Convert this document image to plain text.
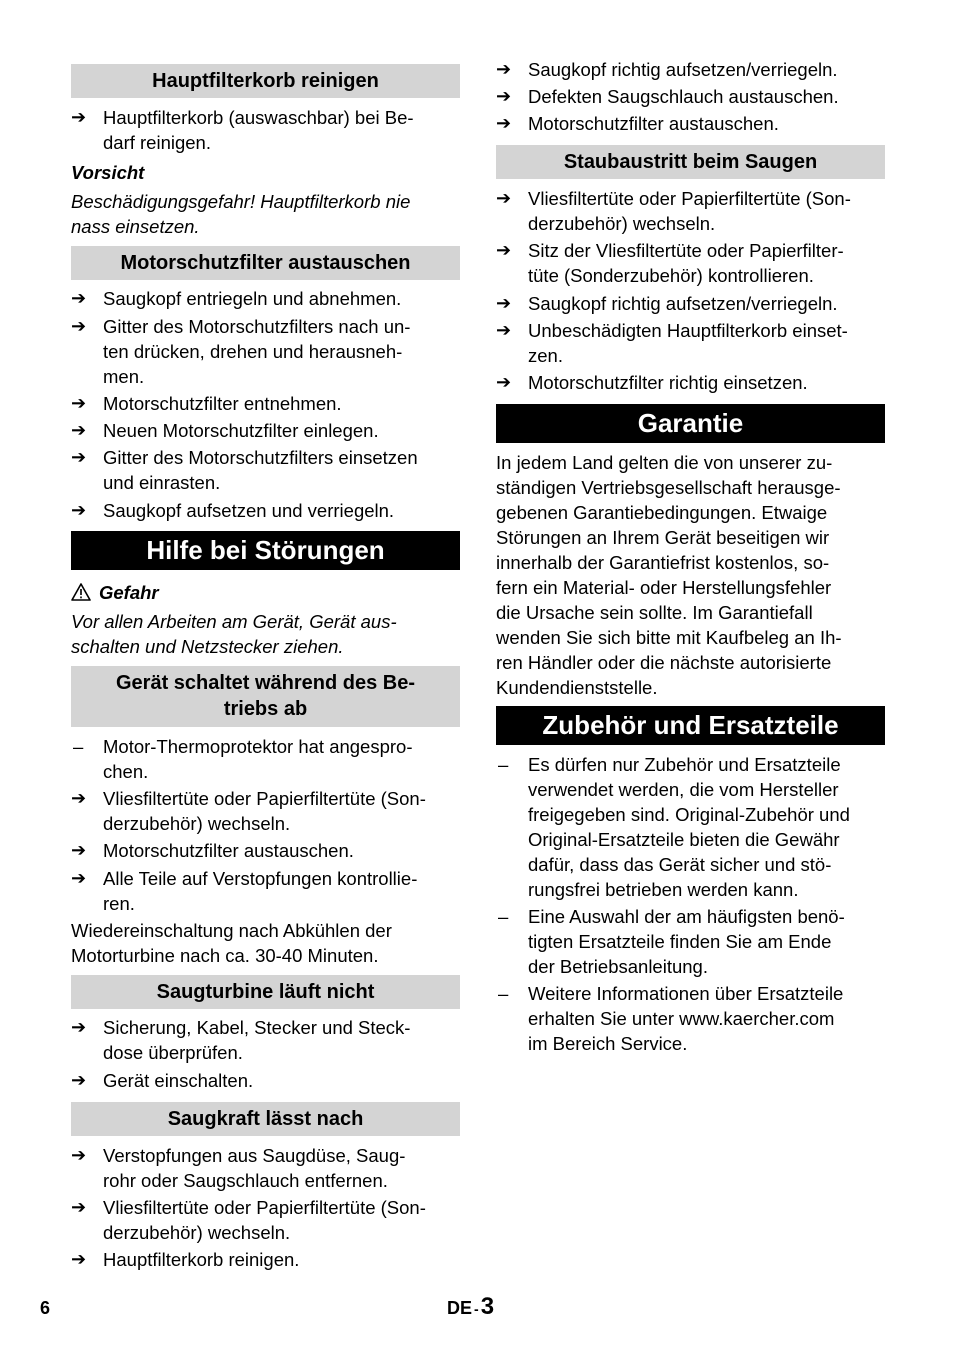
Hauptfilterkorb reinigen
➔ Hauptfilterkorb (auswaschbar) bei Be-
darf reinigen.
Vorsicht
Beschädigungsgefahr! Hauptfilterkorb nie
nass einsetzen.
Motorschutzfilter austauschen
➔ Saugkopf entriegeln und abnehmen.
➔ Gitter des Motorschutzfilters nach un-
ten drücken, drehen und herausneh-
men.
➔ Motorschutzfilter entnehmen.
➔ Neuen Motorschutzfilter einlegen.
➔ Gitter des Motorschutzfilters einsetzen
und einrasten.
➔ Saugkopf aufsetzen und verriegeln.
Hilfe bei Störungen
Gefahr
Vor allen Arbeiten am Gerät, Gerät aus-
schalten und Netzstecker ziehen.
Gerät schaltet während des Be-
triebs ab
–	Motor-Thermoprotektor hat angespro-
chen.
➔ Vliesfiltertüte oder Papierfiltertüte (Son-
derzubehör) wechseln.
➔ Motorschutzfilter austauschen.
➔ Alle Teile auf Verstopfungen kontrollie-
ren.
Wiedereinschaltung nach Abkühlen der
Motorturbine nach ca. 30-40 Minuten.
Saugturbine läuft nicht
➔ Sicherung, Kabel, Stecker und Steck-
dose überprüfen.
➔ Gerät einschalten.
Saugkraft lässt nach
➔ Verstopfungen aus Saugdüse, Saug-
rohr oder Saugschlauch entfernen.
➔ Vliesfiltertüte oder Papierfiltertüte (Son-
derzubehör) wechseln.
➔ Hauptfilterkorb reinigen.
➔ Saugkopf richtig aufsetzen/verriegeln.
➔ Defekten Saugschlauch austauschen.
➔ Motorschutzfilter austauschen.
Staubaustritt beim Saugen
➔ Vliesfiltertüte oder Papierfiltertüte (Son-
derzubehör) wechseln.
➔ Sitz der Vliesfiltertüte oder Papierfilter-
tüte (Sonderzubehör) kontrollieren.
➔ Saugkopf richtig aufsetzen/verriegeln.
➔ Unbeschädigten Hauptfilterkorb einset-
zen.
➔ Motorschutzfilter richtig einsetzen.
Garantie
In jedem Land gelten die von unserer zu-
ständigen Vertriebsgesellschaft herausge-
gebenen Garantiebedingungen. Etwaige
Störungen an Ihrem Gerät beseitigen wir
innerhalb der Garantiefrist kostenlos, so-
fern ein Material- oder Herstellungsfehler
die Ursache sein sollte. Im Garantiefall
wenden Sie sich bitte mit Kaufbeleg an Ih-
ren Händler oder die nächste autorisierte
Kundendienststelle.
Zubehör und Ersatzteile
–	Es dürfen nur Zubehör und Ersatzteile
verwendet werden, die vom Hersteller
freigegeben sind. Original-Zubehör und
Original-Ersatzteile bieten die Gewähr
dafür, dass das Gerät sicher und stö-
rungsfrei betrieben werden kann.
–	Eine Auswahl der am häufigsten benö-
tigten Ersatzteile finden Sie am Ende
der Betriebsanleitung.
–	Weitere Informationen über Ersatzteile
erhalten Sie unter www.kaercher.com
im Bereich Service.
6	DE -3
